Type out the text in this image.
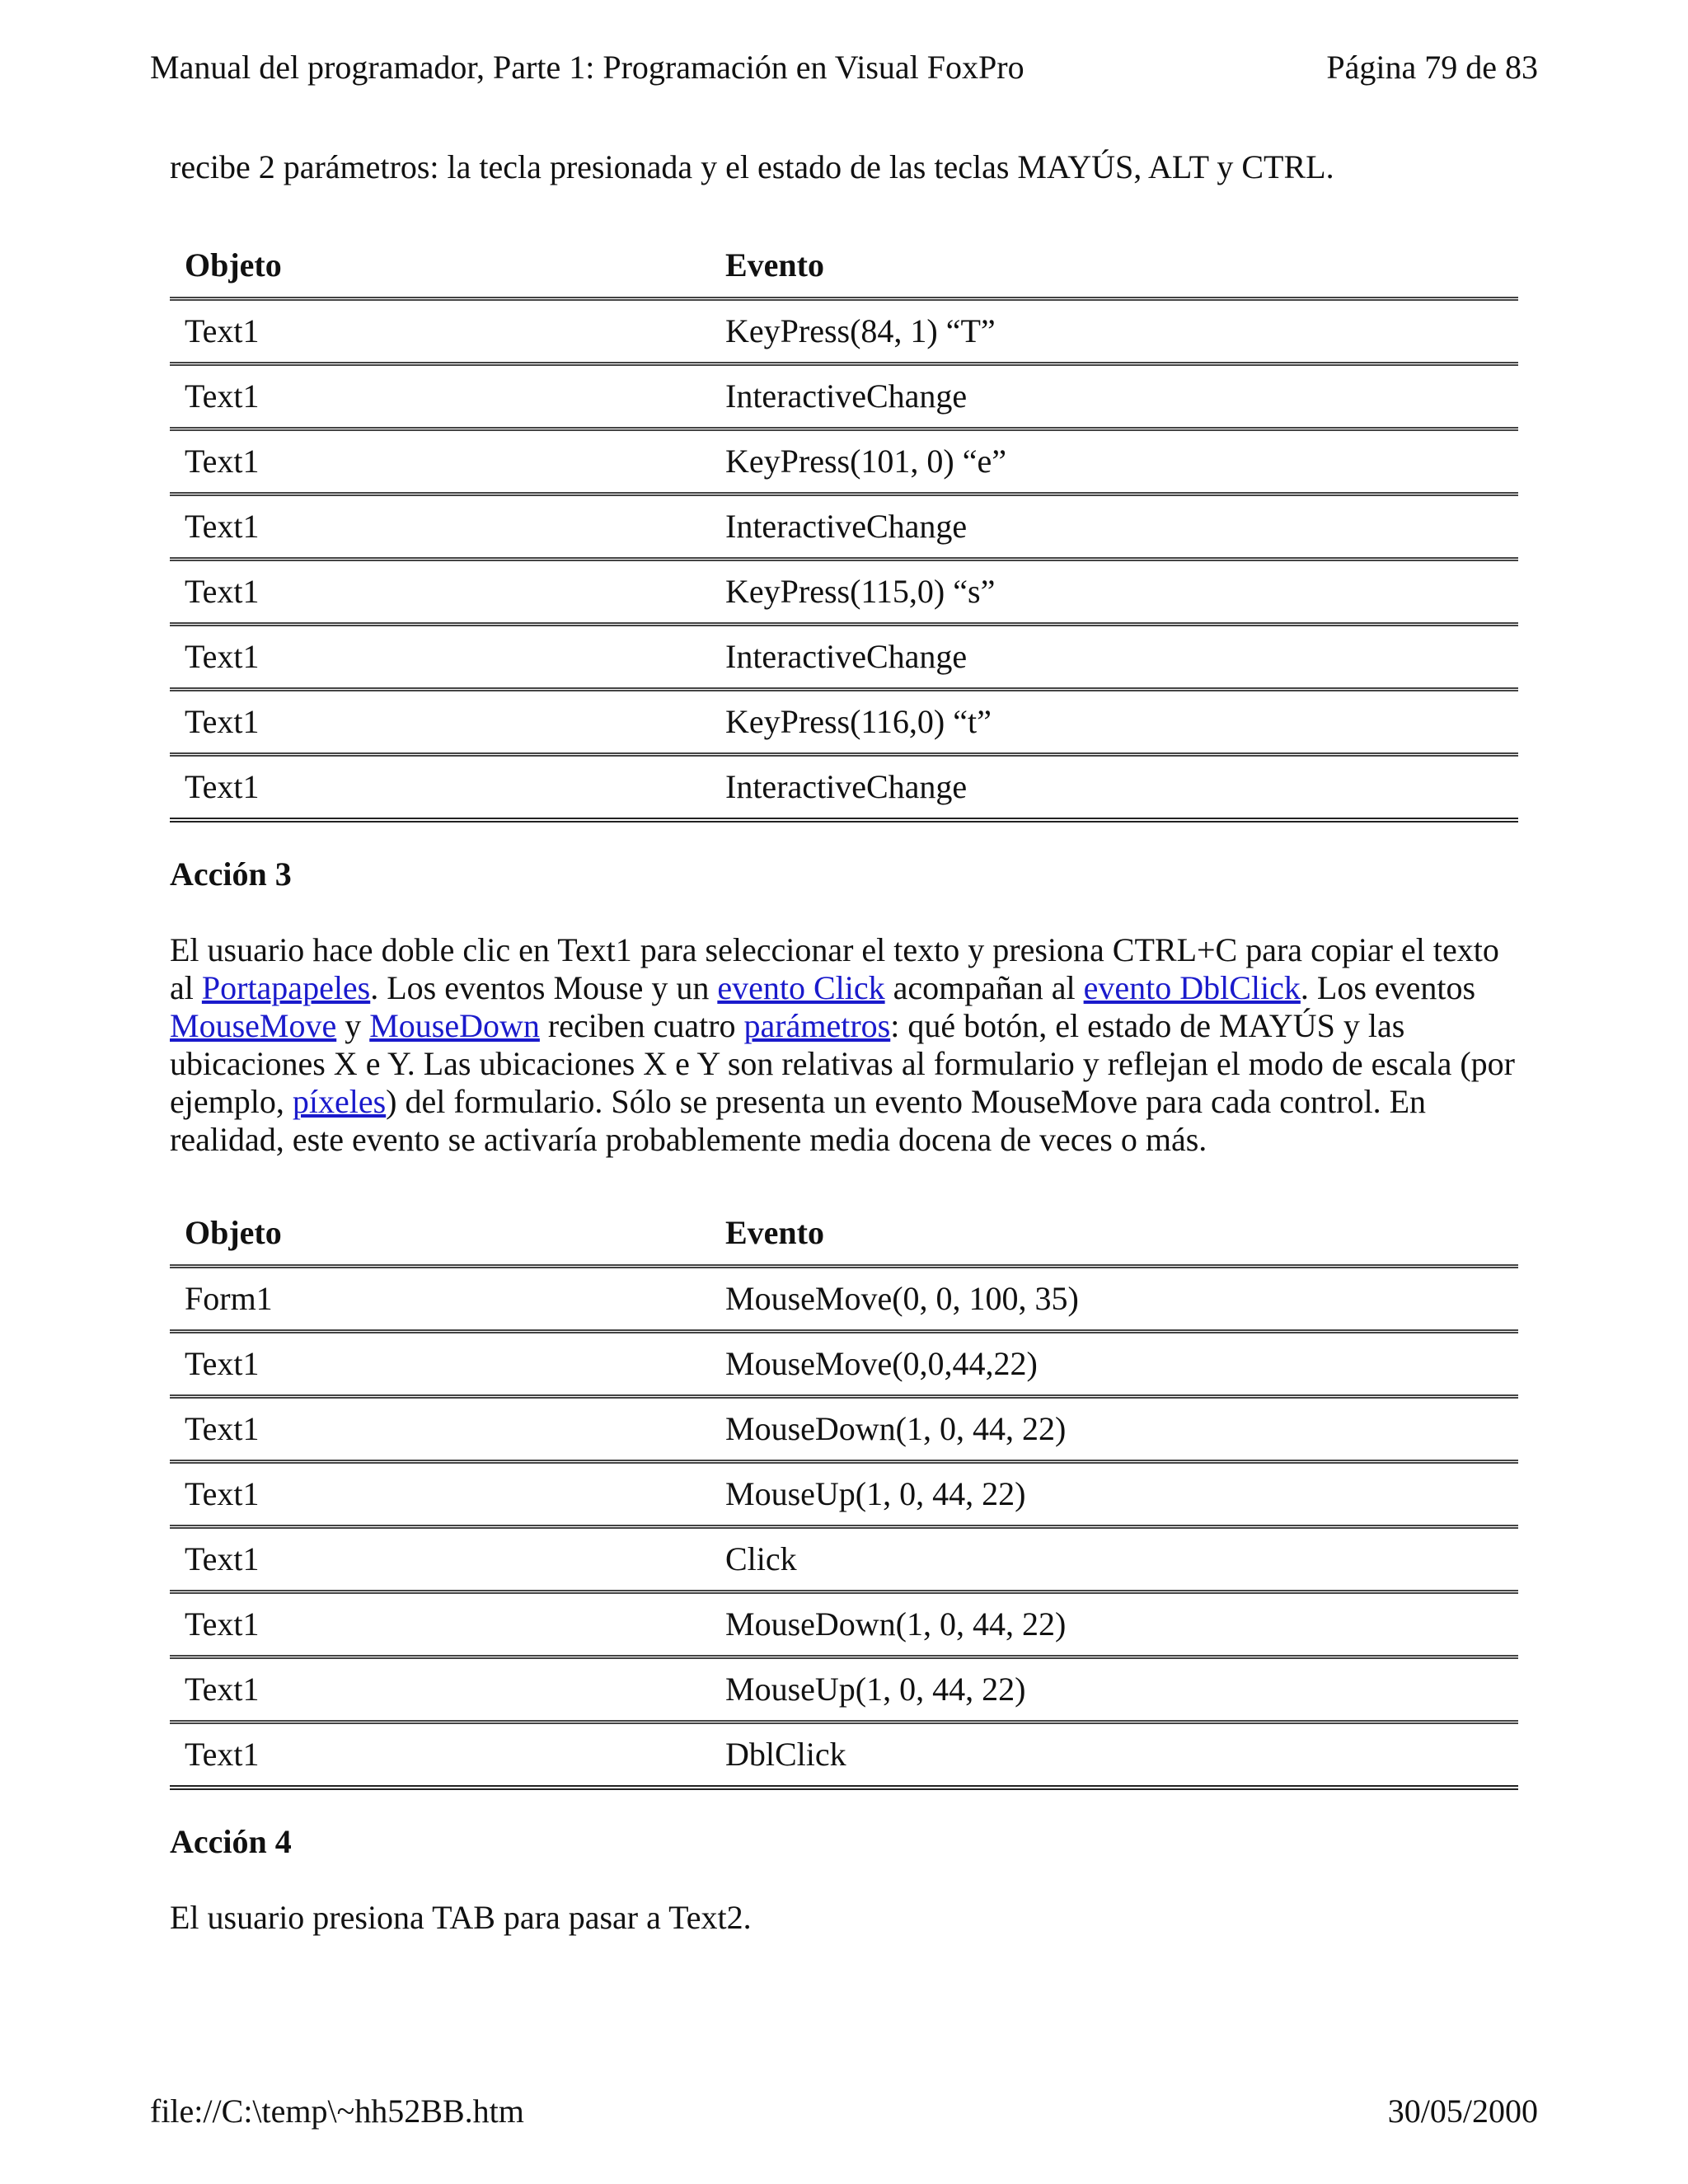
Manual del programador, Parte 1: Programación en Visual FoxPro	Página 79 de 83

recibe 2 parámetros: la tecla presionada y el estado de las teclas MAYÚS, ALT y CTRL.

Objeto	Evento
Text1	KeyPress(84, 1) “T”
Text1	InteractiveChange
Text1	KeyPress(101, 0) “e”
Text1	InteractiveChange
Text1	KeyPress(115,0) “s”
Text1	InteractiveChange
Text1	KeyPress(116,0) “t”
Text1	InteractiveChange
Acción 3

El usuario hace doble clic en Text1 para seleccionar el texto y presiona CTRL+C para copiar el texto al Portapapeles. Los eventos Mouse y un evento Click acompañan al evento DblClick. Los eventos MouseMove y MouseDown reciben cuatro parámetros: qué botón, el estado de MAYÚS y las ubicaciones X e Y. Las ubicaciones X e Y son relativas al formulario y reflejan el modo de escala (por ejemplo, píxeles) del formulario. Sólo se presenta un evento MouseMove para cada control. En realidad, este evento se activaría probablemente media docena de veces o más.

Objeto	Evento
Form1	MouseMove(0, 0, 100, 35)
Text1	MouseMove(0,0,44,22)
Text1	MouseDown(1, 0, 44, 22)
Text1	MouseUp(1, 0, 44, 22)
Text1	Click
Text1	MouseDown(1, 0, 44, 22)
Text1	MouseUp(1, 0, 44, 22)
Text1	DblClick
Acción 4

El usuario presiona TAB para pasar a Text2.

file://C:\temp\~hh52BB.htm	30/05/2000
